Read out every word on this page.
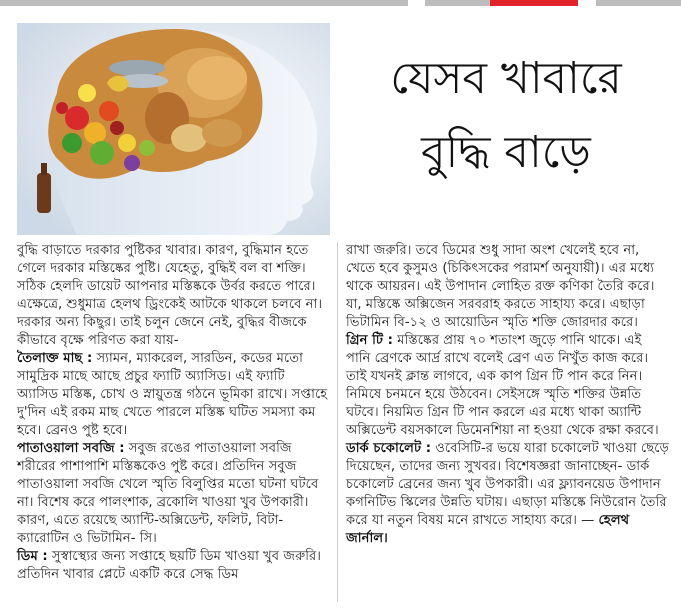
যেসব খাবারে
বুদ্ধি বাড়ে

বুদ্ধি বাড়াতে দরকার পুষ্টিকর খাবার। কারণ, বুদ্ধিমান হতে গেলে দরকার মস্তিষ্কের পুষ্টি। যেহেতু, বুদ্ধিই বল বা শক্তি। সঠিক হেলদি ডায়েট আপনার মস্তিষ্ককে উর্বর করতে পারে। এক্ষেত্রে, শুধুমাত্র হেলথ ড্রিংকেই আটকে থাকলে চলবে না। দরকার অন্য কিছুর। তাই চলুন জেনে নেই, বুদ্ধির বীজকে কীভাবে বৃক্ষে পরিণত করা যায়-

তৈলাক্ত মাছ : স্যামন, ম্যাকরেল, সারডিন, কডের মতো সামুদ্রিক মাছে আছে প্রচুর ফ্যাটি অ্যাসিড। এই ফ্যাটি অ্যাসিড মস্তিষ্ক, চোখ ও স্নায়ুতন্ত্র গঠনে ভূমিকা রাখে। সপ্তাহে দু'দিন এই রকম মাছ খেতে পারলে মস্তিষ্ক ঘটিত সমস্যা কম হবে। ব্রেনও পুষ্ট হবে।

পাতাওয়ালা সবজি : সবুজ রঙের পাতাওয়ালা সবজি শরীরের পাশাপাশি মস্তিষ্ককেও পুষ্ট করে। প্রতিদিন সবুজ পাতাওয়ালা সবজি খেলে স্মৃতি বিলুপ্তির মতো ঘটনা ঘটবে না। বিশেষ করে পালংশাক, ব্রকোলি খাওয়া খুব উপকারী। কারণ, এতে রয়েছে অ্যান্টি-অক্সিডেন্ট, ফলিট, বিটা-ক্যারোটিন ও ভিটামিন- সি।

ডিম : সুস্বাস্থ্যের জন্য সপ্তাহে ছয়টি ডিম খাওয়া খুব জরুরি। প্রতিদিন খাবার প্লেটে একটি করে সেদ্ধ ডিম

রাখা জরুরি। তবে ডিমের শুধু সাদা অংশ খেলেই হবে না, খেতে হবে কুসুমও (চিকিৎসকের পরামর্শ অনুযায়ী)। এর মধ্যে থাকে আয়রন। এই উপাদান লোহিত রক্ত কণিকা তৈরি করে। যা, মস্তিষ্কে অক্সিজেন সরবরাহ করতে সাহায্য করে। এছাড়া ভিটামিন বি-১২ ও আয়োডিন স্মৃতি শক্তি জোরদার করে।

গ্রিন টি : মস্তিষ্কের প্রায় ৭০ শতাংশ জুড়ে পানি থাকে। এই পানি ব্রেণকে আর্দ্র রাখে বলেই ব্রেণ এত নিখুঁত কাজ করে। তাই যখনই ক্লান্ত লাগবে, এক কাপ গ্রিন টি পান করে নিন। নিমিষে চনমনে হয়ে উঠবেন। সেইসঙ্গে স্মৃতি শক্তির উন্নতি ঘটবে। নিয়মিত গ্রিন টি পান করলে এর মধ্যে থাকা অ্যান্টি অক্সিডেন্ট বয়সকালে ডিমেনশিয়া না হওয়া থেকে রক্ষা করবে।

ডার্ক চকোলেট : ওবেসিটি-র ভয়ে যারা চকোলেট খাওয়া ছেড়ে দিয়েছেন, তাদের জন্য সুখবর। বিশেষজ্ঞরা জানাচ্ছেন- ডার্ক চকোলেট ব্রেনের জন্য খুব উপকারী। এর ফ্ল্যাবনয়েড উপাদান কগনিটিভ স্কিলের উন্নতি ঘটায়। এছাড়া মস্তিষ্কে নিউরোন তৈরি করে যা নতুন বিষয় মনে রাখতে সাহায্য করে। — হেলথ জার্নাল।
